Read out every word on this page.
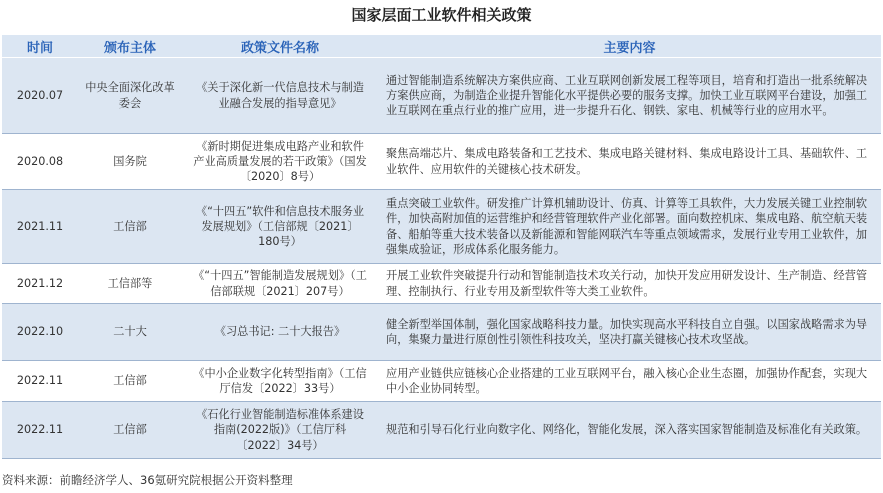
国家层面工业软件相关政策
时间	颁布主体	政策文件名称	主要内容
2020.07	中央全面深化改革委会	《关于深化新一代信息技术与制造业融合发展的指导意见》	通过智能制造系统解决方案供应商、工业互联网创新发展工程等项目，培育和打造出一批系统解决方案供应商，为制造企业提升智能化水平提供必要的服务支撑。加快工业互联网平台建设，加强工业互联网在重点行业的推广应用，进一步提升石化、钢铁、家电、机械等行业的应用水平。
2020.08	国务院	《新时期促进集成电路产业和软件产业高质量发展的若干政策》（国发〔2020〕8号）	聚焦高端芯片、集成电路装备和工艺技术、集成电路关键材料、集成电路设计工具、基础软件、工业软件、应用软件的关键核心技术研发。
2021.11	工信部	《“十四五”软件和信息技术服务业发展规划》（工信部规〔2021〕180号）	重点突破工业软件。研发推广计算机辅助设计、仿真、计算等工具软件，大力发展关键工业控制软件，加快高附加值的运营维护和经营管理软件产业化部署。面向数控机床、集成电路、航空航天装备、船舶等重大技术装备以及新能源和智能网联汽车等重点领域需求，发展行业专用工业软件，加强集成验证，形成体系化服务能力。
2021.12	工信部等	《“十四五”智能制造发展规划》（工信部联规〔2021〕207号）	开展工业软件突破提升行动和智能制造技术攻关行动，加快开发应用研发设计、生产制造、经营管理、控制执行、行业专用及新型软件等大类工业软件。
2022.10	二十大	《习总书记: 二十大报告》	健全新型举国体制，强化国家战略科技力量。加快实现高水平科技自立自强。以国家战略需求为导向，集聚力量进行原创性引领性科技攻关，坚决打赢关键核心技术攻坚战。
2022.11	工信部	《中小企业数字化转型指南》（工信厅信发〔2022〕33号）	应用产业链供应链核心企业搭建的工业互联网平台，融入核心企业生态圈，加强协作配套，实现大中小企业协同转型。
2022.11	工信部	《石化行业智能制造标准体系建设指南(2022版)》（工信厅科〔2022〕34号）	规范和引导石化行业向数字化、网络化，智能化发展，深入落实国家智能制造及标准化有关政策。
资料来源：前瞻经济学人、36氪研究院根据公开资料整理
